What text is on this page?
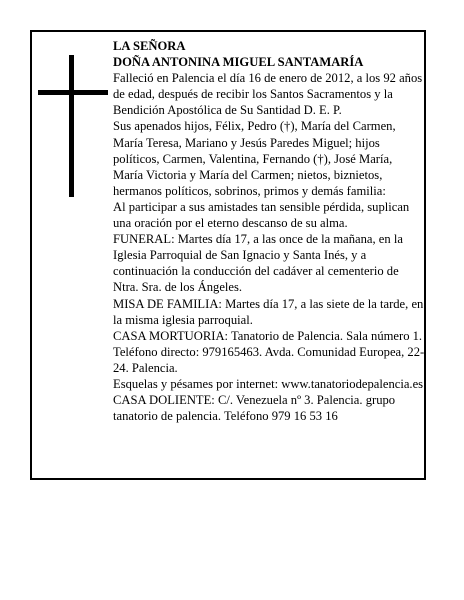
LA SEÑORA

DOÑA ANTONINA MIGUEL SANTAMARÍA

Falleció en Palencia el día 16 de enero de 2012, a los 92 años de edad, después de recibir los Santos Sacramentos y la Bendición Apostólica de Su Santidad D. E. P.

Sus apenados hijos, Félix, Pedro (†), María del Carmen, María Teresa, Mariano y Jesús Paredes Miguel; hijos políticos, Carmen, Valentina, Fernando (†), José María, María Victoria y María del Carmen; nietos, biznietos, hermanos políticos, sobrinos, primos y demás familia:

Al participar a sus amistades tan sensible pérdida, suplican una oración por el eterno descanso de su alma.

FUNERAL: Martes día 17, a las once de la mañana, en la Iglesia Parroquial de San Ignacio y Santa Inés, y a continuación la conducción del cadáver al cementerio de Ntra. Sra. de los Ángeles.

MISA DE FAMILIA: Martes día 17, a las siete de la tarde, en la misma iglesia parroquial.

CASA MORTUORIA: Tanatorio de Palencia. Sala número 1. Teléfono directo: 979165463. Avda. Comunidad Europea, 22-24. Palencia.

Esquelas y pésames por internet: www.tanatoriodepalencia.es

CASA DOLIENTE: C/. Venezuela nº 3. Palencia. grupo tanatorio de palencia. Teléfono 979 16 53 16
